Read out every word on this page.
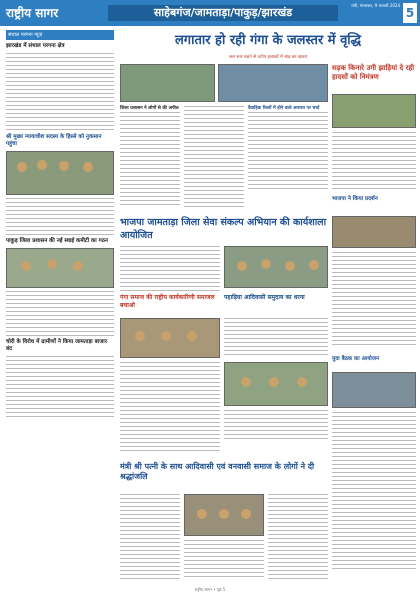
राष्ट्रीय सागर	साहेबगंज/जामताड़ा/पाकुड़/झारखंड
रांची, मंगलवार, 9 जनवरी 2024
5
संथाल परगना न्यूज़
झारखंड में संथाल परगना क्षेत्र
श्री मुख्य न्यायाधीश सदस्य के हिस्से को नुकसान पहुंचा
पाकुड़ जिला प्रशासन की नई स्थाई कमीटी का गठन
चोरी के विरोध में ग्रामीणों ने किया जामताड़ा बाजार बंद
लगातार हो रही गंगा के जलस्तर में वृद्धि
जल स्तर बढ़ने से तटीय इलाकों में बाढ़ का खतरा
सड़क किनारे उगी झाड़ियां दे रही हादसों को निमंत्रण
जिला प्रशासन ने लोगों से की अपील	वैवाहिक रिश्तों में होने वाले अपराध पर चर्चा
भाजपा जामताड़ा जिला सेवा संकल्प अभियान की कार्यशाला आयोजित
भाजपा ने किया प्रदर्शन
गंगा समाज की राष्ट्रीय कार्यकारिणी समाजल बचाओ
पहाड़िया आदिवासी समुदाय का धरना
युवा बैठक का आयोजन
मंत्री श्री पत्नी के साथ आदिवासी एवं वनवासी समाज के लोगों ने दी श्रद्धांजलि
राष्ट्रीय सागर • पृष्ठ 5
